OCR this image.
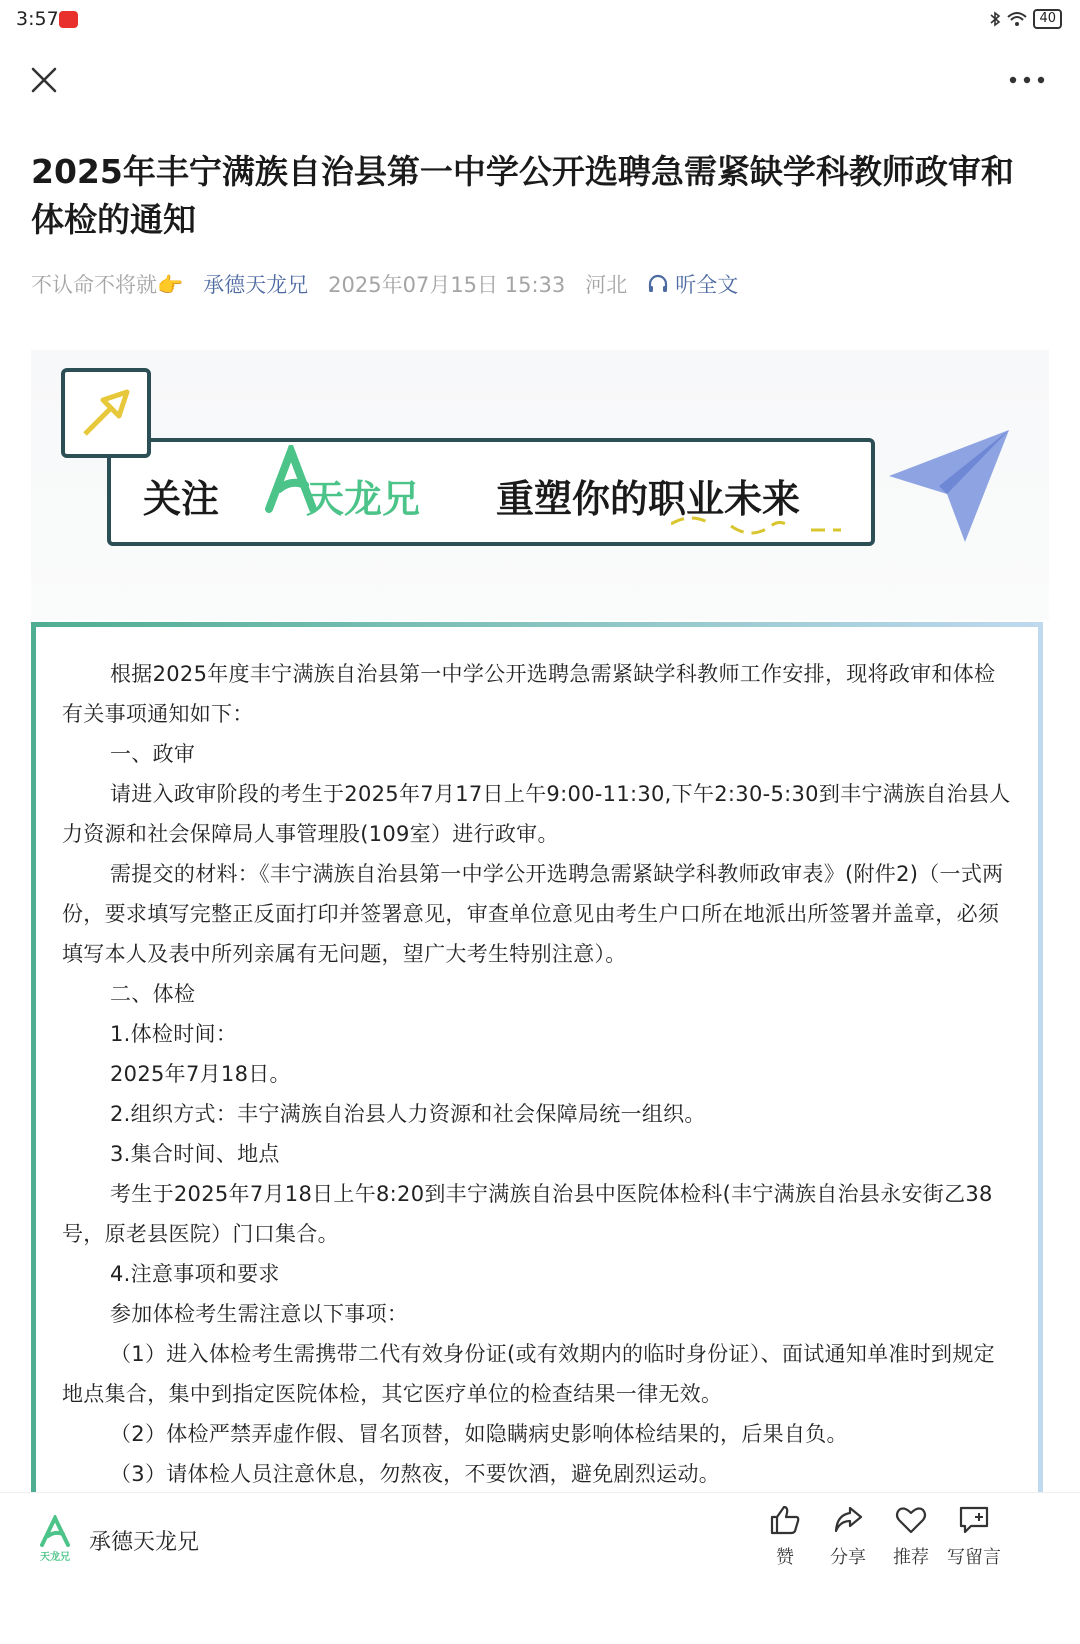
3:57	40
2025年丰宁满族自治县第一中学公开选聘急需紧缺学科教师政审和体检的通知
不认命不将就👉 承德天龙兄 2025年07月15日 15:33 河北 听全文
关注 天龙兄 重塑你的职业未来

根据2025年度丰宁满族自治县第一中学公开选聘急需紧缺学科教师工作安排，现将政审和体检有关事项通知如下：

一、政审

请进入政审阶段的考生于2025年7月17日上午9:00-11:30,下午2:30-5:30到丰宁满族自治县人力资源和社会保障局人事管理股(109室）进行政审。

需提交的材料：《丰宁满族自治县第一中学公开选聘急需紧缺学科教师政审表》(附件2)（一式两份，要求填写完整正反面打印并签署意见，审查单位意见由考生户口所在地派出所签署并盖章，必须填写本人及表中所列亲属有无问题，望广大考生特别注意）。

二、体检

1.体检时间：

2025年7月18日。

2.组织方式：丰宁满族自治县人力资源和社会保障局统一组织。

3.集合时间、地点

考生于2025年7月18日上午8:20到丰宁满族自治县中医院体检科(丰宁满族自治县永安街乙38号，原老县医院）门口集合。

4.注意事项和要求

参加体检考生需注意以下事项：

（1）进入体检考生需携带二代有效身份证(或有效期内的临时身份证）、面试通知单准时到规定地点集合，集中到指定医院体检，其它医疗单位的检查结果一律无效。

（2）体检严禁弄虚作假、冒名顶替，如隐瞒病史影响体检结果的，后果自负。

（3）请体检人员注意休息，勿熬夜，不要饮酒，避免剧烈运动。

天龙兄
承德天龙兄
赞	分享	推荐	写留言
